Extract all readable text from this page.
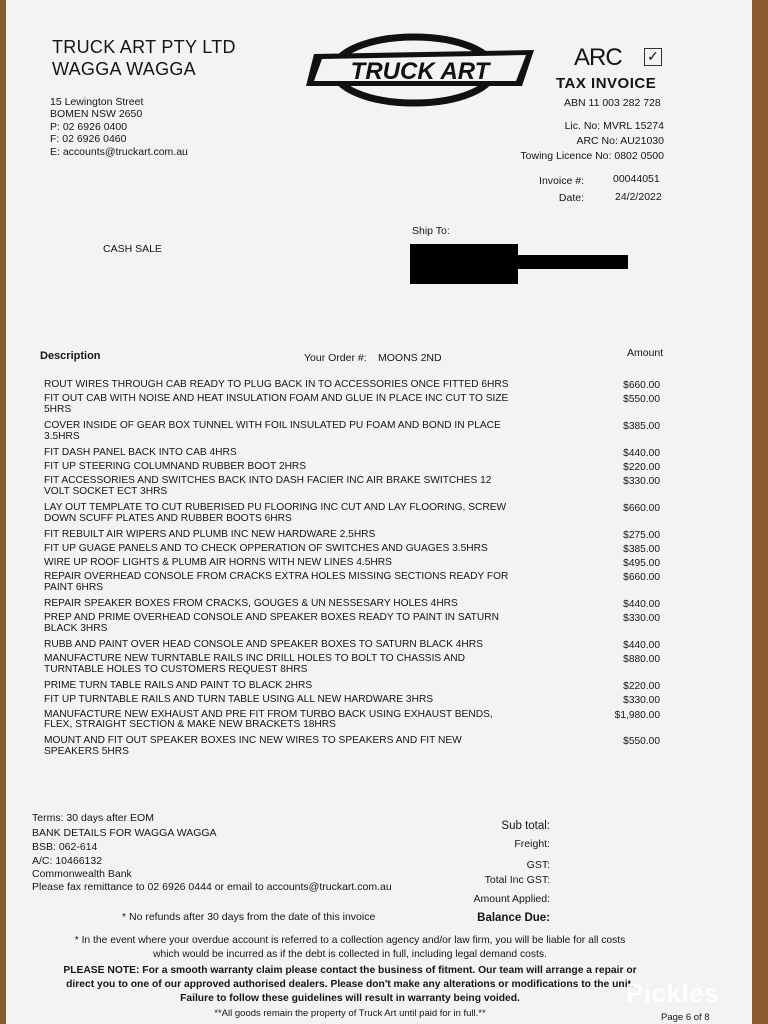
TRUCK ART PTY LTD
WAGGA WAGGA
15 Lewington Street
BOMEN NSW 2650
P: 02 6926 0400
F: 02 6926 0460
E: accounts@truckart.com.au
TRUCK ART
ARC ✓
TAX INVOICE
ABN 11 003 282 728
Lic. No: MVRL 15274
ARC No: AU21030
Towing Licence No: 0802 0500
Invoice #:	00044051
Date:	24/2/2022
Ship To:
CASH SALE
Description	Your Order #: MOONS 2ND	Amount
ROUT WIRES THROUGH CAB READY TO PLUG BACK IN TO ACCESSORIES ONCE FITTED 6HRS	$660.00
FIT OUT CAB WITH NOISE AND HEAT INSULATION FOAM AND GLUE IN PLACE INC CUT TO SIZE
5HRS
$550.00
COVER INSIDE OF GEAR BOX TUNNEL WITH FOIL INSULATED PU FOAM AND BOND IN PLACE
3.5HRS
$385.00
FIT DASH PANEL BACK INTO CAB 4HRS	$440.00
FIT UP STEERING COLUMNAND RUBBER BOOT 2HRS	$220.00
FIT ACCESSORIES AND SWITCHES BACK INTO DASH FACIER INC AIR BRAKE SWITCHES 12
VOLT SOCKET ECT 3HRS
$330.00
LAY OUT TEMPLATE TO CUT RUBERISED PU FLOORING INC CUT AND LAY FLOORING, SCREW
DOWN SCUFF PLATES AND RUBBER BOOTS 6HRS
$660.00
FIT REBUILT AIR WIPERS AND PLUMB INC NEW HARDWARE 2.5HRS	$275.00
FIT UP GUAGE PANELS AND TO CHECK OPPERATION OF SWITCHES AND GUAGES 3.5HRS	$385.00
WIRE UP ROOF LIGHTS & PLUMB AIR HORNS WITH NEW LINES 4.5HRS	$495.00
REPAIR OVERHEAD CONSOLE FROM CRACKS EXTRA HOLES MISSING SECTIONS READY FOR
PAINT 6HRS
$660.00
REPAIR SPEAKER BOXES FROM CRACKS, GOUGES & UN NESSESARY HOLES 4HRS	$440.00
PREP AND PRIME OVERHEAD CONSOLE AND SPEAKER BOXES READY TO PAINT IN SATURN
BLACK 3HRS
$330.00
RUBB AND PAINT OVER HEAD CONSOLE AND SPEAKER BOXES TO SATURN BLACK 4HRS	$440.00
MANUFACTURE NEW TURNTABLE RAILS INC DRILL HOLES TO BOLT TO CHASSIS AND
TURNTABLE HOLES TO CUSTOMERS REQUEST 8HRS
$880.00
PRIME TURN TABLE RAILS AND PAINT TO BLACK 2HRS	$220.00
FIT UP TURNTABLE RAILS AND TURN TABLE USING ALL NEW HARDWARE 3HRS	$330.00
MANUFACTURE NEW EXHAUST AND PRE FIT FROM TURBO BACK USING EXHAUST BENDS,
FLEX, STRAIGHT SECTION & MAKE NEW BRACKETS 18HRS
$1,980.00
MOUNT AND FIT OUT SPEAKER BOXES INC NEW WIRES TO SPEAKERS AND FIT NEW
SPEAKERS 5HRS
$550.00
Terms: 30 days after EOM
BANK DETAILS FOR WAGGA WAGGA
BSB: 062-614
A/C: 10466132
Commonwealth Bank
Please fax remittance to 02 6926 0444 or email to accounts@truckart.com.au
Sub total:
Freight:
GST:
Total Inc GST:
Amount Applied:
Balance Due:
* No refunds after 30 days from the date of this invoice
* In the event where your overdue account is referred to a collection agency and/or law firm, you will be liable for all costs
which would be incurred as if the debt is collected in full, including legal demand costs.
PLEASE NOTE: For a smooth warranty claim please contact the business of fitment. Our team will arrange a repair or
direct you to one of our approved authorised dealers. Please don't make any alterations or modifications to the unit.
Failure to follow these guidelines will result in warranty being voided.
**All goods remain the property of Truck Art until paid for in full.**	Page 6 of 8
Pickles
